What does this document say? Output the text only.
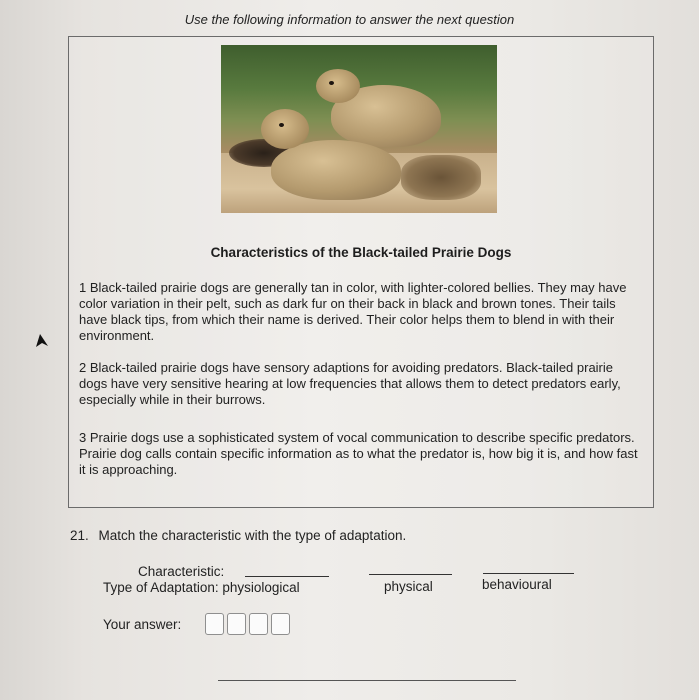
Use the following information to answer the next question
Characteristics of the Black-tailed Prairie Dogs
1 Black-tailed prairie dogs are generally tan in color, with lighter-colored bellies. They may have color variation in their pelt, such as dark fur on their back in black and brown tones. Their tails have black tips, from which their name is derived. Their color helps them to blend in with their environment.
2 Black-tailed prairie dogs have sensory adaptions for avoiding predators. Black-tailed prairie dogs have very sensitive hearing at low frequencies that allows them to detect predators early, especially while in their burrows.
3 Prairie dogs use a sophisticated system of vocal communication to describe specific predators. Prairie dog calls contain specific information as to what the predator is, how big it is, and how fast it is approaching.
21. Match the characteristic with the type of adaptation.
Characteristic:
Type of Adaptation: physiological	physical	behavioural
Your answer:
